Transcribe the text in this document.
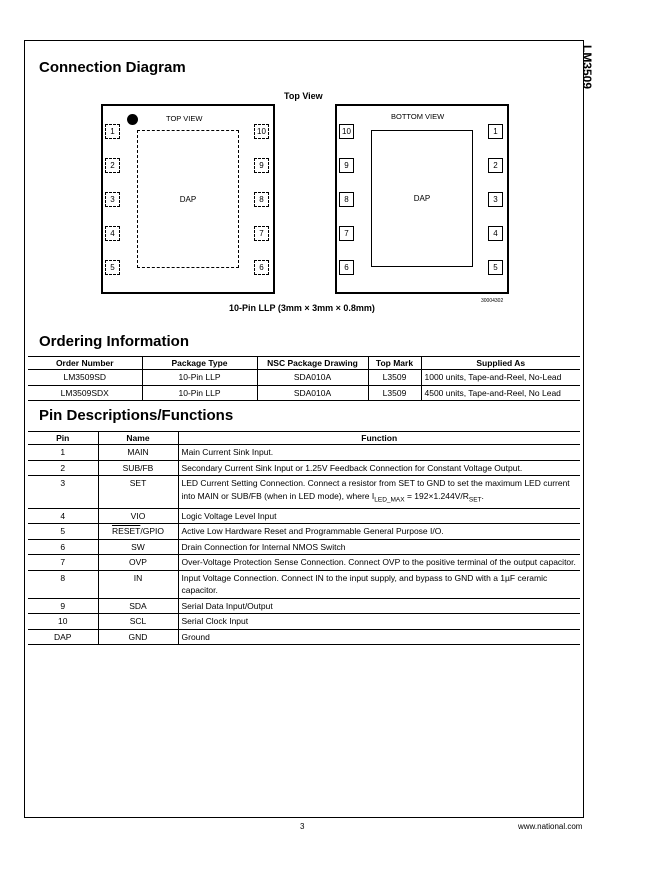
LM3509
Connection Diagram
Top View
TOP VIEW
DAP
1
2
3
4
5
10
9
8
7
6
BOTTOM VIEW
DAP
10
9
8
7
6
1
2
3
4
5
30004302
10-Pin LLP (3mm × 3mm × 0.8mm)
Ordering Information
Order Number	Package Type	NSC Package Drawing	Top Mark	Supplied As
LM3509SD	10-Pin LLP	SDA010A	L3509	1000 units, Tape-and-Reel, No-Lead
LM3509SDX	10-Pin LLP	SDA010A	L3509	4500 units, Tape-and-Reel, No Lead
Pin Descriptions/Functions
Pin	Name	Function
1	MAIN	Main Current Sink Input.
2	SUB/FB	Secondary Current Sink Input or 1.25V Feedback Connection for Constant Voltage Output.
3	SET	LED Current Setting Connection. Connect a resistor from SET to GND to set the maximum LED current into MAIN or SUB/FB (when in LED mode), where $I_{LED\_MAX} = 192\times 1.244V/R_{SET}$.
4	VIO	Logic Voltage Level Input
5	RESET/GPIO	Active Low Hardware Reset and Programmable General Purpose I/O.
6	SW	Drain Connection for Internal NMOS Switch
7	OVP	Over-Voltage Protection Sense Connection. Connect OVP to the positive terminal of the output capacitor.
8	IN	Input Voltage Connection. Connect IN to the input supply, and bypass to GND with a 1µF ceramic capacitor.
9	SDA	Serial Data Input/Output
10	SCL	Serial Clock Input
DAP	GND	Ground
3	www.national.com
